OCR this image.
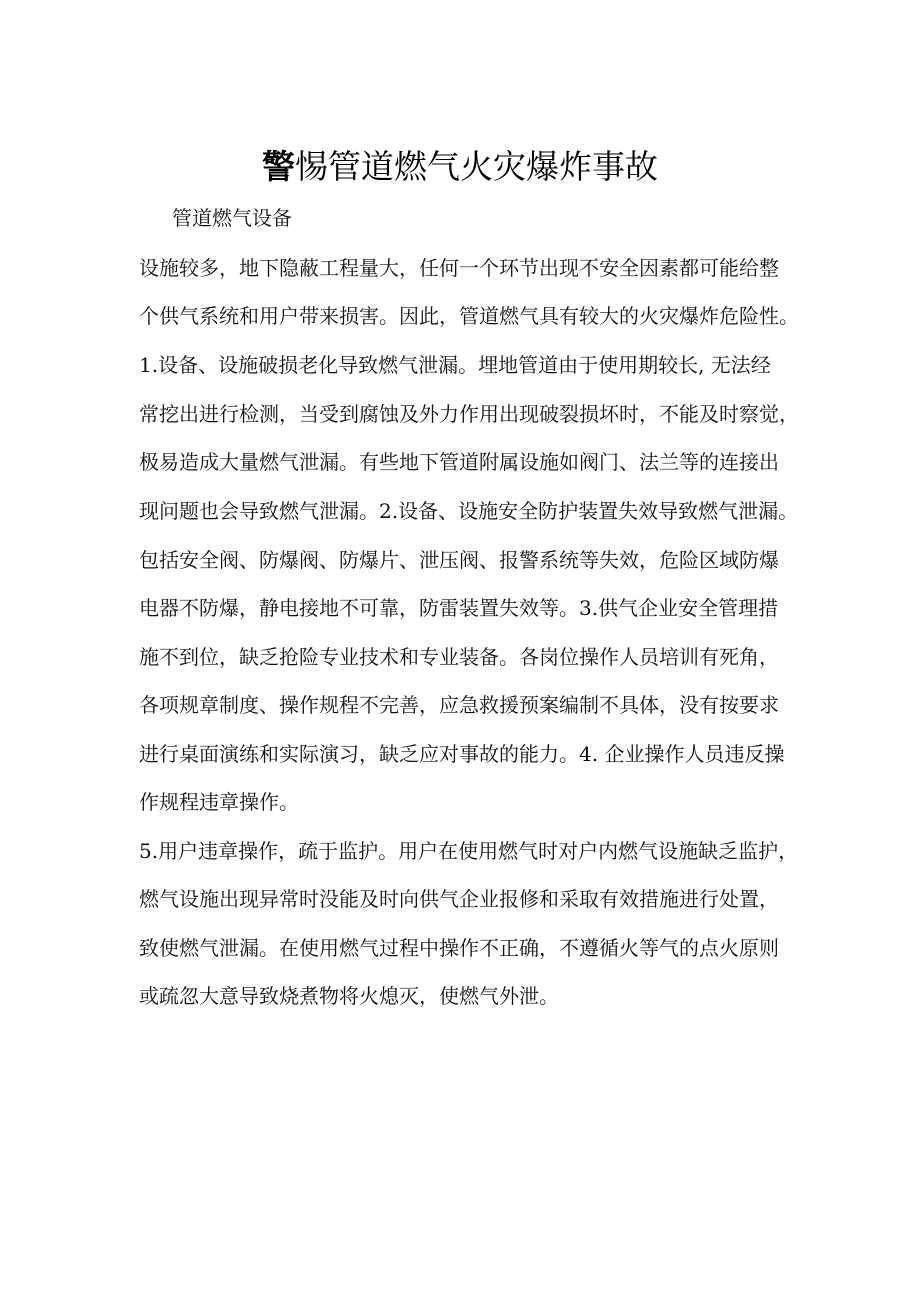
警惕管道燃气火灾爆炸事故

管道燃气设备

设施较多，地下隐蔽工程量大，任何一个环节出现不安全因素都可能给整

个供气系统和用户带来损害。因此，管道燃气具有较大的火灾爆炸危险性。

1.设备、设施破损老化导致燃气泄漏。埋地管道由于使用期较长, 无法经

常挖出进行检测，当受到腐蚀及外力作用出现破裂损坏时，不能及时察觉，

极易造成大量燃气泄漏。有些地下管道附属设施如阀门、法兰等的连接出

现问题也会导致燃气泄漏。2.设备、设施安全防护装置失效导致燃气泄漏。

包括安全阀、防爆阀、防爆片、泄压阀、报警系统等失效，危险区域防爆

电器不防爆，静电接地不可靠，防雷装置失效等。3.供气企业安全管理措

施不到位，缺乏抢险专业技术和专业装备。各岗位操作人员培训有死角，

各项规章制度、操作规程不完善，应急救援预案编制不具体，没有按要求

进行桌面演练和实际演习，缺乏应对事故的能力。4. 企业操作人员违反操

作规程违章操作。

5.用户违章操作，疏于监护。用户在使用燃气时对户内燃气设施缺乏监护，

燃气设施出现异常时没能及时向供气企业报修和采取有效措施进行处置，

致使燃气泄漏。在使用燃气过程中操作不正确，不遵循火等气的点火原则

或疏忽大意导致烧煮物将火熄灭，使燃气外泄。
